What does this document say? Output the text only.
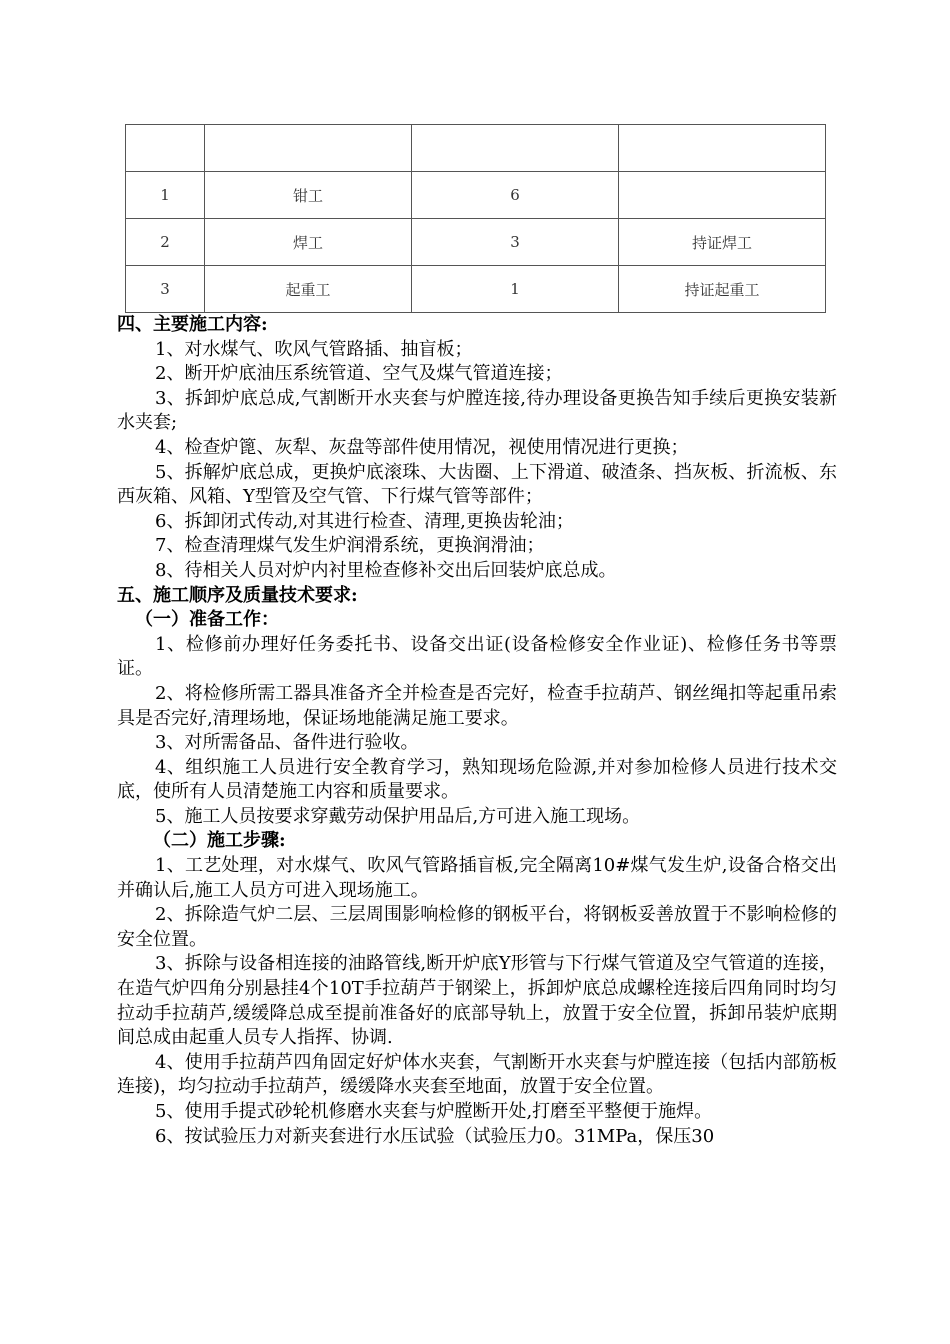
1	钳工	6	
2	焊工	3	持证焊工
3	起重工	1	持证起重工

四、主要施工内容:

1、对水煤气、吹风气管路插、抽盲板；

2、断开炉底油压系统管道、空气及煤气管道连接；

3、拆卸炉底总成,气割断开水夹套与炉膛连接,待办理设备更换告知手续后更换安装新水夹套;

4、检查炉篦、灰犁、灰盘等部件使用情况，视使用情况进行更换；

5、拆解炉底总成，更换炉底滚珠、大齿圈、上下滑道、破渣条、挡灰板、折流板、东西灰箱、风箱、Y型管及空气管、下行煤气管等部件；

6、拆卸闭式传动,对其进行检查、清理,更换齿轮油；

7、检查清理煤气发生炉润滑系统，更换润滑油；

8、待相关人员对炉内衬里检查修补交出后回装炉底总成。

五、施工顺序及质量技术要求:

（一）准备工作：

1、检修前办理好任务委托书、设备交出证(设备检修安全作业证)、检修任务书等票证。

2、将检修所需工器具准备齐全并检查是否完好，检查手拉葫芦、钢丝绳扣等起重吊索具是否完好,清理场地，保证场地能满足施工要求。

3、对所需备品、备件进行验收。

4、组织施工人员进行安全教育学习，熟知现场危险源,并对参加检修人员进行技术交底，使所有人员清楚施工内容和质量要求。

5、施工人员按要求穿戴劳动保护用品后,方可进入施工现场。

（二）施工步骤:

1、工艺处理，对水煤气、吹风气管路插盲板,完全隔离10#煤气发生炉,设备合格交出并确认后,施工人员方可进入现场施工。

2、拆除造气炉二层、三层周围影响检修的钢板平台，将钢板妥善放置于不影响检修的安全位置。

3、拆除与设备相连接的油路管线,断开炉底Y形管与下行煤气管道及空气管道的连接，在造气炉四角分别悬挂4个10T手拉葫芦于钢梁上，拆卸炉底总成螺栓连接后四角同时均匀拉动手拉葫芦,缓缓降总成至提前准备好的底部导轨上，放置于安全位置，拆卸吊装炉底期间总成由起重人员专人指挥、协调.

4、使用手拉葫芦四角固定好炉体水夹套，气割断开水夹套与炉膛连接（包括内部筋板连接)，均匀拉动手拉葫芦，缓缓降水夹套至地面，放置于安全位置。

5、使用手提式砂轮机修磨水夹套与炉膛断开处,打磨至平整便于施焊。

6、按试验压力对新夹套进行水压试验（试验压力0。31MPa，保压30
